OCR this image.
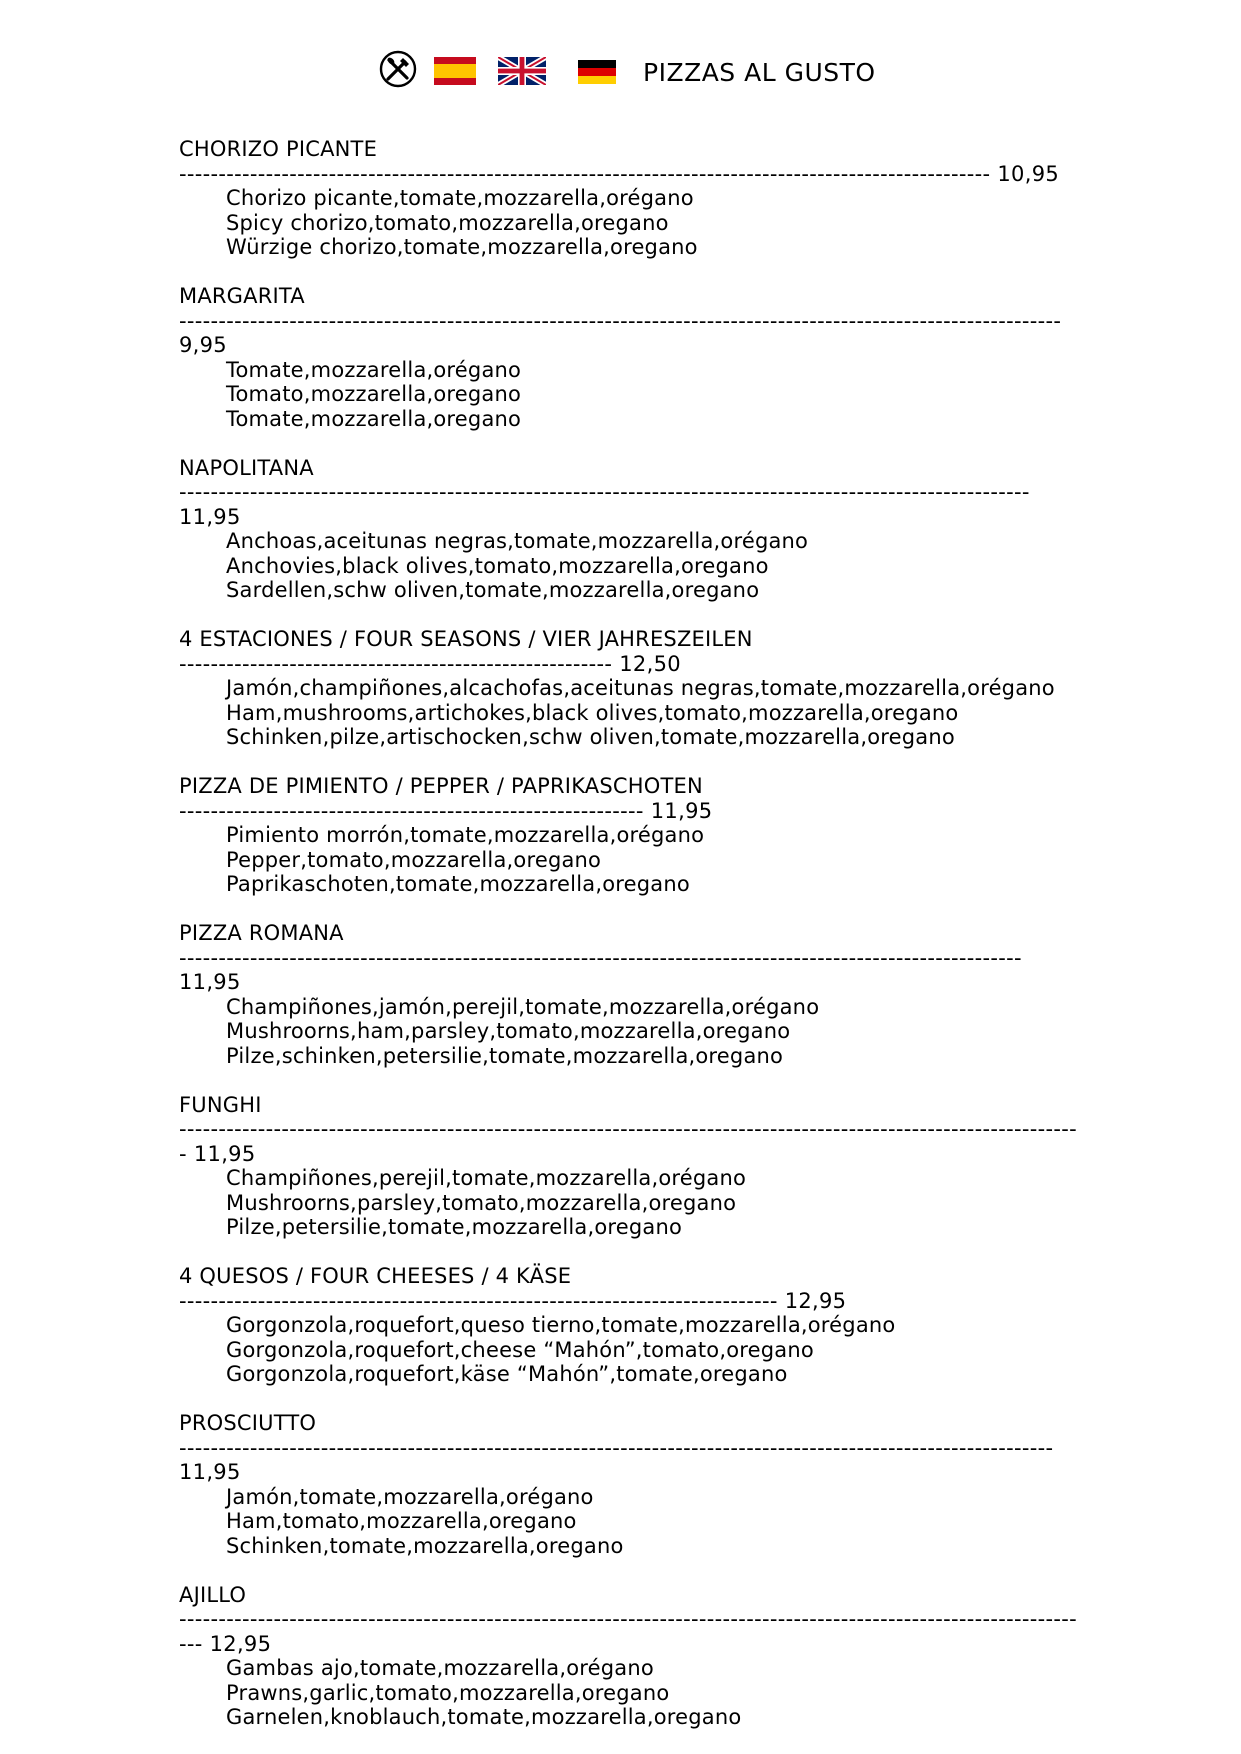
PIZZAS AL GUSTO
CHORIZO PICANTE
------------------------------------------------------------------------------------------------------- 10,95
Chorizo picante,tomate,mozzarella,orégano
Spicy chorizo,tomato,mozzarella,oregano
Würzige chorizo,tomate,mozzarella,oregano
MARGARITA
---------------------------------------------------------------------------------------------------------------- 9,95
Tomate,mozzarella,orégano
Tomato,mozzarella,oregano
Tomate,mozzarella,oregano
NAPOLITANA
------------------------------------------------------------------------------------------------------------ 11,95
Anchoas,aceitunas negras,tomate,mozzarella,orégano
Anchovies,black olives,tomato,mozzarella,oregano
Sardellen,schw oliven,tomate,mozzarella,oregano
4 ESTACIONES / FOUR SEASONS / VIER JAHRESZEILEN
------------------------------------------------------- 12,50
Jamón,champiñones,alcachofas,aceitunas negras,tomate,mozzarella,orégano
Ham,mushrooms,artichokes,black olives,tomato,mozzarella,oregano
Schinken,pilze,artischocken,schw oliven,tomate,mozzarella,oregano
PIZZA DE PIMIENTO / PEPPER / PAPRIKASCHOTEN
----------------------------------------------------------- 11,95
Pimiento morrón,tomate,mozzarella,orégano
Pepper,tomato,mozzarella,oregano
Paprikaschoten,tomate,mozzarella,oregano
PIZZA ROMANA
----------------------------------------------------------------------------------------------------------- 11,95
Champiñones,jamón,perejil,tomate,mozzarella,orégano
Mushroorns,ham,parsley,tomato,mozzarella,oregano
Pilze,schinken,petersilie,tomate,mozzarella,oregano
FUNGHI
------------------------------------------------------------------------------------------------------------------- 11,95
Champiñones,perejil,tomate,mozzarella,orégano
Mushroorns,parsley,tomato,mozzarella,oregano
Pilze,petersilie,tomate,mozzarella,oregano
4 QUESOS / FOUR CHEESES / 4 KÄSE
---------------------------------------------------------------------------- 12,95
Gorgonzola,roquefort,queso tierno,tomate,mozzarella,orégano
Gorgonzola,roquefort,cheese “Mahón”,tomato,oregano
Gorgonzola,roquefort,käse “Mahón”,tomate,oregano
PROSCIUTTO
--------------------------------------------------------------------------------------------------------------- 11,95
Jamón,tomate,mozzarella,orégano
Ham,tomato,mozzarella,oregano
Schinken,tomate,mozzarella,oregano
AJILLO
--------------------------------------------------------------------------------------------------------------------- 12,95
Gambas ajo,tomate,mozzarella,orégano
Prawns,garlic,tomato,mozzarella,oregano
Garnelen,knoblauch,tomate,mozzarella,oregano
